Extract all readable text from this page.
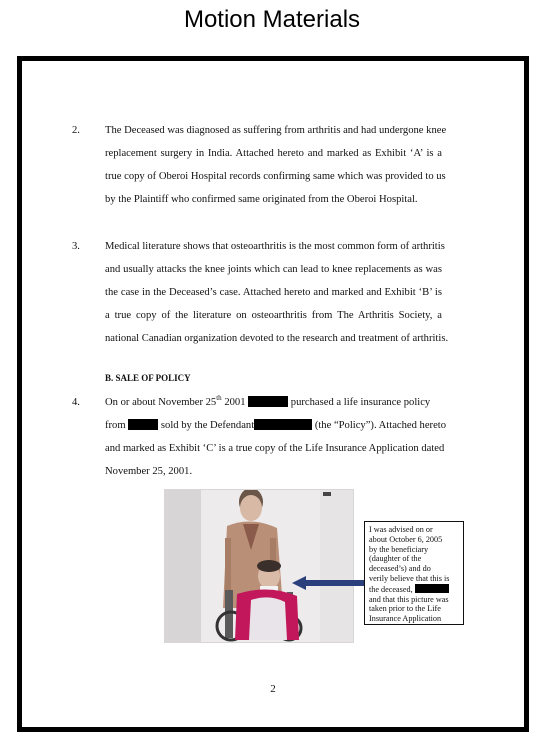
Motion Materials
2. The Deceased was diagnosed as suffering from arthritis and had undergone knee
replacement surgery in India. Attached hereto and marked as Exhibit ‘A’ is a
true copy of Oberoi Hospital records confirming same which was provided to us
by the Plaintiff who confirmed same originated from the Oberoi Hospital.
3. Medical literature shows that osteoarthritis is the most common form of arthritis
and usually attacks the knee joints which can lead to knee replacements as was
the case in the Deceased’s case. Attached hereto and marked and Exhibit ‘B’ is
a true copy of the literature on osteoarthritis from The Arthritis Society, a
national Canadian organization devoted to the research and treatment of arthritis.
B. SALE OF POLICY
4. On or about November 25th 2001	purchased a life insurance policy
from	sold by the Defendant	(the “Policy”). Attached hereto
and marked as Exhibit ‘C’ is a true copy of the Life Insurance Application dated
November 25, 2001.
I was advised on or
about October 6, 2005
by the beneficiary
(daughter of the
deceased’s) and do
verily believe that this is
the deceased,
and that this picture was
taken prior to the Life
Insurance Application
2
